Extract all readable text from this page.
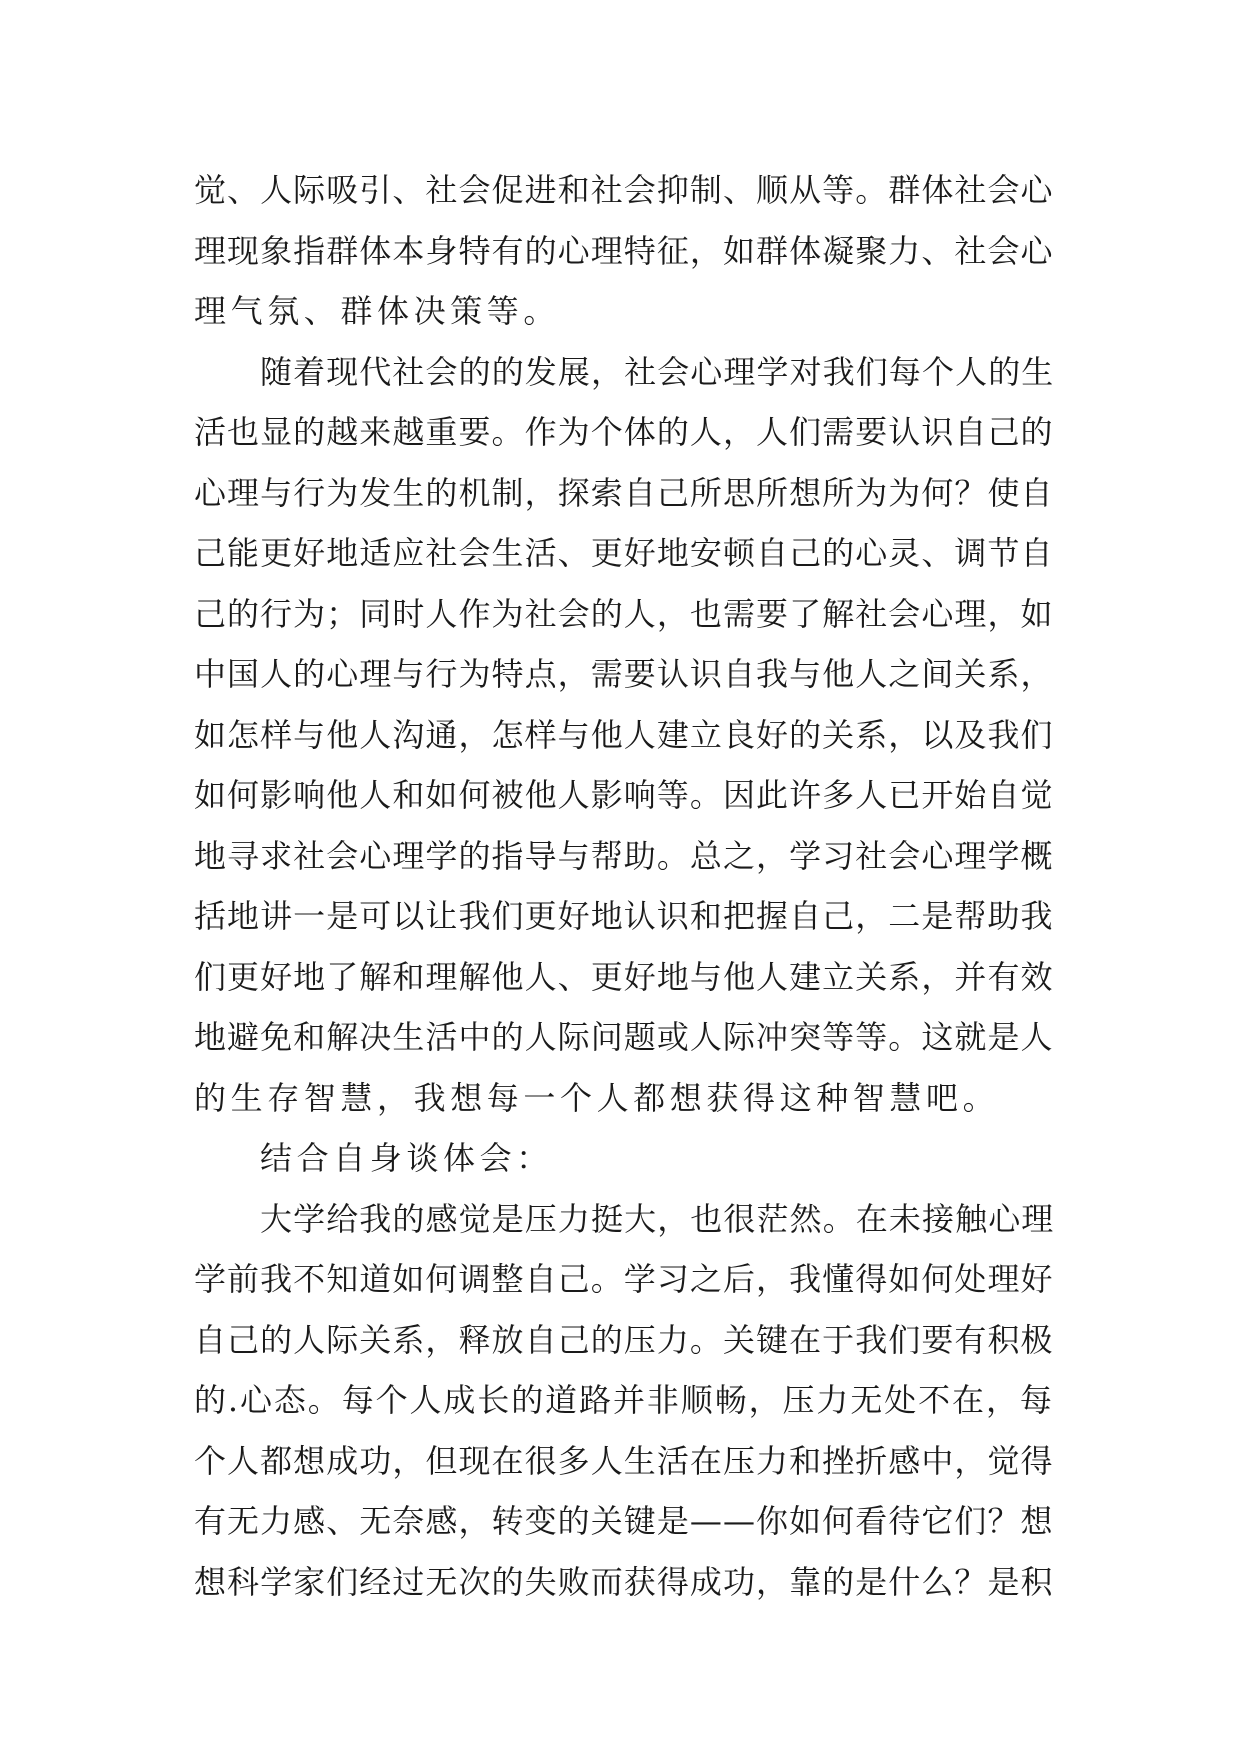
觉、人际吸引、社会促进和社会抑制、顺从等。群体社会心
理现象指群体本身特有的心理特征，如群体凝聚力、社会心
理气氛、群体决策等。
随着现代社会的的发展，社会心理学对我们每个人的生
活也显的越来越重要。作为个体的人，人们需要认识自己的
心理与行为发生的机制，探索自己所思所想所为为何？使自
己能更好地适应社会生活、更好地安顿自己的心灵、调节自
己的行为；同时人作为社会的人，也需要了解社会心理，如
中国人的心理与行为特点，需要认识自我与他人之间关系，
如怎样与他人沟通，怎样与他人建立良好的关系，以及我们
如何影响他人和如何被他人影响等。因此许多人已开始自觉
地寻求社会心理学的指导与帮助。总之，学习社会心理学概
括地讲一是可以让我们更好地认识和把握自己，二是帮助我
们更好地了解和理解他人、更好地与他人建立关系，并有效
地避免和解决生活中的人际问题或人际冲突等等。这就是人
的生存智慧，我想每一个人都想获得这种智慧吧。
结合自身谈体会：
大学给我的感觉是压力挺大，也很茫然。在未接触心理
学前我不知道如何调整自己。学习之后，我懂得如何处理好
自己的人际关系，释放自己的压力。关键在于我们要有积极
的.心态。每个人成长的道路并非顺畅，压力无处不在，每
个人都想成功，但现在很多人生活在压力和挫折感中，觉得
有无力感、无奈感，转变的关键是——你如何看待它们？想
想科学家们经过无次的失败而获得成功，靠的是什么？是积
